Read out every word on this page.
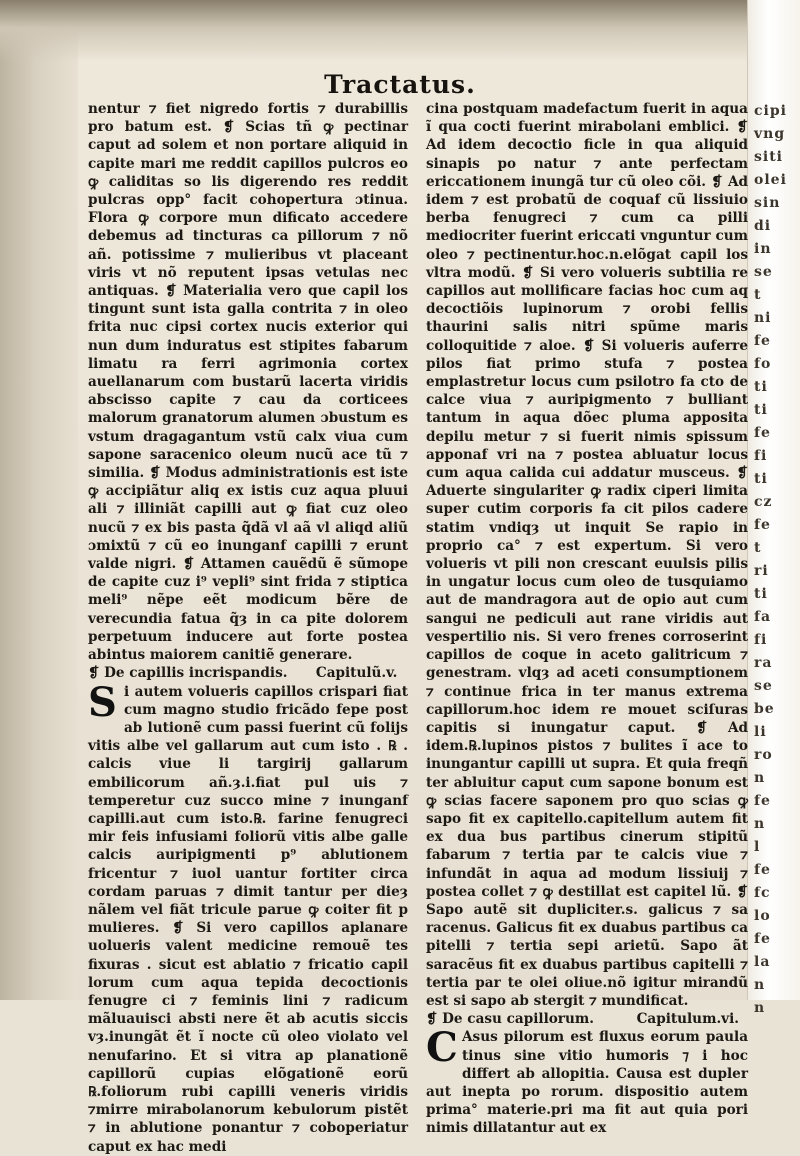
cipi
vng
siti
olei
sin
di
in
se
t
ni
fe
fo
ti
ti
fe
fi
ti
cz
fe
t
ri
ti
fa
fi
ra
se
be
li
ro
n
fe
n
l
fe
fc
lo
fe
la
n
n
Tractatus.

nentur ⁊ fiet nigredo fortis ⁊ durabillis pro batum est. ❡ Scias tñ ꝙ pectinar caput ad solem et non portare aliquid in capite mari me reddit capillos pulcros eo ꝙ caliditas so lis digerendo res reddit pulcras opp° facit cohopertura ɔtinua. Flora ꝙ corpore mun dificato accedere debemus ad tincturas ca pillorum ⁊ nõ añ. potissime ⁊ mulieribus vt placeant viris vt nõ reputent ipsas vetulas nec antiquas. ❡ Materialia vero que capil los tingunt sunt ista galla contrita ⁊ in oleo frita nuc cipsi cortex nucis exterior qui nun dum induratus est stipites fabarum limatu ra ferri agrimonia cortex auellanarum com bustarũ lacerta viridis abscisso capite ⁊ cau da corticees malorum granatorum alumen ɔbustum es vstum dragagantum vstũ calx viua cum sapone saracenico oleum nucũ ace tũ ⁊ similia. ❡ Modus administrationis est iste ꝙ accipiãtur aliq ex istis cuz aqua pluui ali ⁊ illiniãt capilli aut ꝙ fiat cuz oleo nucũ ⁊ ex bis pasta q̃dã vl aã vl aliqd aliũ ɔmixtũ ⁊ cũ eo inunganf capilli ⁊ erunt valde nigri. ❡ Attamen cauẽdũ ẽ sũmope de capite cuz i⁹ vepli⁹ sint frida ⁊ stiptica meli⁹ nẽpe eẽt modicum bẽre de verecundia fatua q̃ȝ in ca pite dolorem perpetuum inducere aut forte postea abintus maiorem canitiẽ generare.

❡ De capillis incrispandis. Capitulũ.v.

Si autem volueris capillos crispari fiat cum magno studio fricãdo fepe post ab lutionẽ cum passi fuerint cũ folijs vitis albe vel gallarum aut cum isto . ℞ . calcis viue li targirij gallarum embilicorum añ.ȝ.i.fiat pul uis ⁊ temperetur cuz succo mine ⁊ inunganf capilli.aut cum isto.℞. farine fenugreci mir feis infusiami foliorũ vitis albe galle calcis auripigmenti p⁹ ablutionem fricentur ⁊ iuol uantur fortiter circa cordam paruas ⁊ dimit tantur per dieȝ nãlem vel fiãt tricule parue ꝙ coiter fit p mulieres. ❡ Si vero capillos aplanare uolueris valent medicine remouẽ tes fixuras . sicut est ablatio ⁊ fricatio capil lorum cum aqua tepida decoctionis fenugre ci ⁊ feminis lini ⁊ radicum mãluauisci absti nere ẽt ab acutis siccis vȝ.inungãt ẽt ĩ nocte cũ oleo violato vel nenufarino. Et si vitra ap planationẽ capillorũ cupias elõgationẽ eorũ ℞.foliorum rubi capilli veneris viridis ⁊mirre mirabolanorum kebulorum pistẽt ⁊ in ablutione ponantur ⁊ coboperiatur caput ex hac medi

cina postquam madefactum fuerit in aqua ĩ qua cocti fuerint mirabolani emblici. ❡ Ad idem decoctio ficle in qua aliquid sinapis po natur ⁊ ante perfectam ericcationem inungã tur cũ oleo cõi. ❡ Ad idem ⁊ est probatũ de coquaf cũ lissiuio berba fenugreci ⁊ cum ca pilli mediocriter fuerint ericcati vnguntur cum oleo ⁊ pectinentur.hoc.n.elõgat capil los vltra modũ. ❡ Si vero volueris subtilia re capillos aut mollificare facias hoc cum aq decoctiõis lupinorum ⁊ orobi fellis thaurini salis nitri spũme maris colloquitide ⁊ aloe. ❡ Si volueris auferre pilos fiat primo stufa ⁊ postea emplastretur locus cum psilotro fa cto de calce viua ⁊ auripigmento ⁊ bulliant tantum in aqua dõec pluma apposita depilu metur ⁊ si fuerit nimis spissum apponaf vri na ⁊ postea abluatur locus cum aqua calida cui addatur musceus. ❡ Aduerte singulariter ꝙ radix ciperi limita super cutim corporis fa cit pilos cadere statim vndiqȝ ut inquit Se rapio in proprio ca° ⁊ est expertum. Si vero volueris vt pili non crescant euulsis pilis in ungatur locus cum oleo de tusquiamo aut de mandragora aut de opio aut cum sangui ne pediculi aut rane viridis aut vespertilio nis. Si vero frenes corroserint capillos de coque in aceto galitricum ⁊ genestram. vlqȝ ad aceti consumptionem ⁊ continue frica in ter manus extrema capillorum.hoc idem re mouet sciſuras capitis si inungatur caput. ❡ Ad idem.℞.lupinos pistos ⁊ bulites ĩ ace to inungantur capilli ut supra. Et quia freqñ ter abluitur caput cum sapone bonum est ꝙ scias facere saponem pro quo scias ꝙ sapo fit ex capitello.capitellum autem fit ex dua bus partibus cinerum stipitũ fabarum ⁊ tertia par te calcis viue ⁊ infundãt in aqua ad modum lissiuij ⁊ postea collet ⁊ ꝙ destillat est capitel lũ. ❡ Sapo autẽ sit dupliciter.s. galicus ⁊ sa racenus. Galicus fit ex duabus partibus ca pitelli ⁊ tertia sepi arietũ. Sapo ãt saracẽus fit ex duabus partibus capitelli ⁊ tertia par te olei oliue.nõ igitur mirandũ est si sapo ab stergit ⁊ mundificat.

❡ De casu capillorum.	Capitulum.vi.

C Asus pilorum est fluxus eorum paula tinus sine vitio humoris ⁊ i hoc differt ab allopitia. Causa est dupler aut inepta po rorum. dispositio autem prima° materie.pri ma fit aut quia pori nimis dillatantur aut ex
